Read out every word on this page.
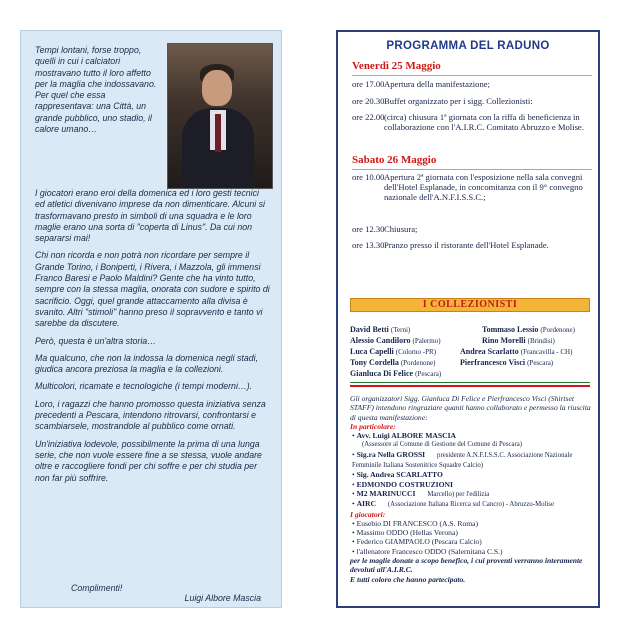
Tempi lontani, forse troppo, quelli in cui i calciatori mostravano tutto il loro affetto per la maglia che indossavano. Per quel che essa rappresentava: una Città, un grande pubblico, uno stadio, il calore umano…

I giocatori erano eroi della domenica ed i loro gesti tecnici ed atletici divenivano imprese da non dimenticare. Alcuni si trasformavano presto in simboli di una squadra e le loro maglie erano una sorta di "coperta di Linus". Da cui non separarsi mai!

Chi non ricorda e non potrà non ricordare per sempre il Grande Torino, i Boniperti, i Rivera, i Mazzola, gli immensi Franco Baresi e Paolo Maldini? Gente che ha vinto tutto, sempre con la stessa maglia, onorata con sudore e spirito di sacrificio. Oggi, quel grande attaccamento alla divisa è svanito. Altri "stimoli" hanno preso il sopravvento e tanto vi sarebbe da discutere.

Però, questa è un'altra storia…

Ma qualcuno, che non la indossa la domenica negli stadi, giudica ancora preziosa la maglia e la collezioni.

Multicolori, ricamate e tecnologiche (i tempi moderni…).

Loro, i ragazzi che hanno promosso questa iniziativa senza precedenti a Pescara, intendono ritrovarsi, confrontarsi e scambiarsele, mostrandole al pubblico come ornati.

Un'iniziativa lodevole, possibilmente la prima di una lunga serie, che non vuole essere fine a se stessa, vuole andare oltre e raccogliere fondi per chi soffre e per chi studia per non far più soffrire.

Complimenti!
Luigi Albore Mascia
PROGRAMMA DEL RADUNO
Venerdì 25 Maggio
ore 17.00 Apertura della manifestazione;
ore 20.30 Buffet organizzato per i sigg. Collezionisti:
ore 22.00 (circa) chiusura 1ª giornata con la riffa di beneficienza in collaborazione con l'A.I.R.C. Comitato Abruzzo e Molise.
Sabato 26 Maggio
ore 10.00 Apertura 2ª giornata con l'esposizione nella sala convegni dell'Hotel Esplanade, in concomitanza con il 9° convegno nazionale dell'A.N.F.I.S.S.C.;
ore 12.30 Chiusura;
ore 13.30 Pranzo presso il ristorante dell'Hotel Esplanade.
I COLLEZIONISTI
David Betti (Terni)	Tommaso Lessio (Pordenone)
Alessio Candiloro (Palermo)	Rino Morelli (Brindisi)
Luca Capelli (Colorno -PR)	Andrea Scarlatto (Francavilla - CH)
Tony Cordella (Pordenone)	Pierfrancesco Visci (Pescara)
Gianluca Di Felice (Pescara)
Gli organizzatori Sigg. Gianluca Di Felice e Pierfrancesco Visci (Shirtset STAFF) intendono ringraziare quanti hanno collaborato e permesso la riuscita di questa manifestazione:
In particolare:
• Avv. Luigi ALBORE MASCIA
(Assessore al Comune di Gestione del Comune di Pescara)
• Sig.ra Nella GROSSI presidente A.N.F.I.S.S.C. Associazione Nazionale Femminile Italiana Sostenitrice Squadre Calcio)
• Sig. Andrea SCARLATTO
• EDMONDO COSTRUZIONI
• M2 MARINUCCI Marcello) per l'edilizia
• AIRC (Associazione Italiana Ricerca sul Cancro) - Abruzzo-Molise
I giocatori:
• Eusebio DI FRANCESCO (A.S. Roma)
• Massimo ODDO (Hellas Verona)
• Federico GIAMPAOLO (Pescara Calcio)
• l'allenatore Francesco ODDO (Salernitana C.S.)
per le maglie donate a scopo benefico, i cui proventi verranno interamente devoluti all'A.I.R.C.
E tutti coloro che hanno partecipato.
